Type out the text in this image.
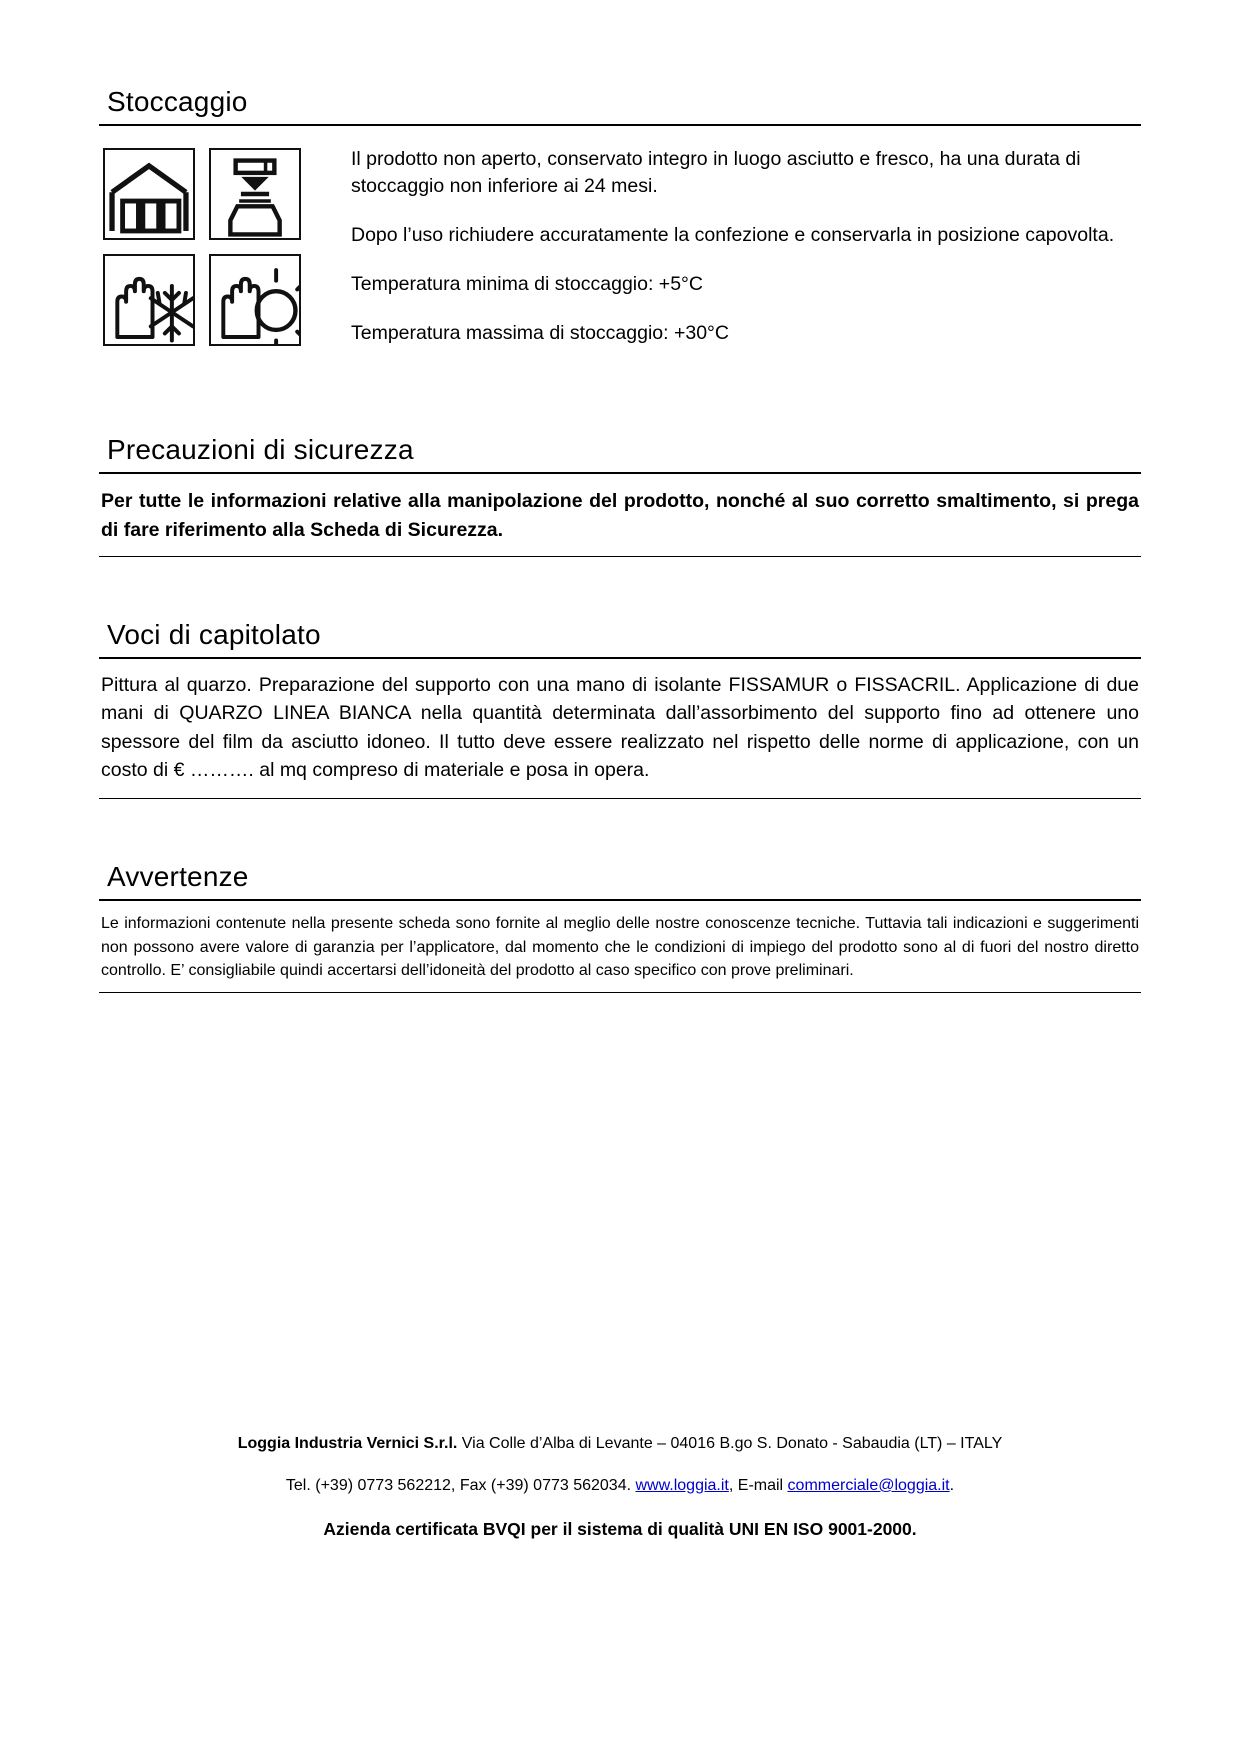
Stoccaggio

Il prodotto non aperto, conservato integro in luogo asciutto e fresco, ha una durata di stoccaggio non inferiore ai 24 mesi.

Dopo l’uso richiudere accuratamente la confezione e conservarla in posizione capovolta.

Temperatura minima di stoccaggio: +5°C

Temperatura massima di stoccaggio: +30°C

Precauzioni di sicurezza

Per tutte le informazioni relative alla manipolazione del prodotto, nonché al suo corretto smaltimento, si prega di fare riferimento alla Scheda di Sicurezza.

Voci di capitolato

Pittura al quarzo. Preparazione del supporto con una mano di isolante FISSAMUR o FISSACRIL. Applicazione di due mani di QUARZO LINEA BIANCA nella quantità determinata dall’assorbimento del supporto fino ad ottenere uno spessore del film da asciutto idoneo. Il tutto deve essere realizzato nel rispetto delle norme di applicazione, con un costo di € ………. al mq compreso di materiale e posa in opera.

Avvertenze

Le informazioni contenute nella presente scheda sono fornite al meglio delle nostre conoscenze tecniche. Tuttavia tali indicazioni e suggerimenti non possono avere valore di garanzia per l’applicatore, dal momento che le condizioni di impiego del prodotto sono al di fuori del nostro diretto controllo. E’ consigliabile quindi accertarsi dell’idoneità del prodotto al caso specifico con prove preliminari.

Loggia Industria Vernici S.r.l. Via Colle d’Alba di Levante – 04016 B.go S. Donato - Sabaudia (LT) – ITALY

Tel. (+39) 0773 562212, Fax (+39) 0773 562034. www.loggia.it, E-mail commerciale@loggia.it.

Azienda certificata BVQI per il sistema di qualità UNI EN ISO 9001-2000.
